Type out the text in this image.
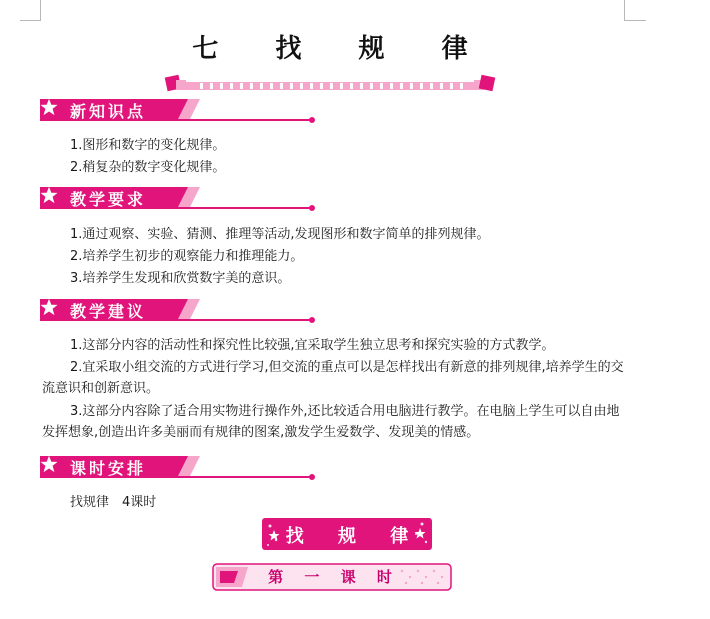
七 找 规 律
新知识点
1.图形和数字的变化规律。
2.稍复杂的数字变化规律。
教学要求
1.通过观察、实验、猜测、推理等活动,发现图形和数字简单的排列规律。
2.培养学生初步的观察能力和推理能力。
3.培养学生发现和欣赏数字美的意识。
教学建议
1.这部分内容的活动性和探究性比较强,宜采取学生独立思考和探究实验的方式教学。
2.宜采取小组交流的方式进行学习,但交流的重点可以是怎样找出有新意的排列规律,培养学生的交流意识和创新意识。
3.这部分内容除了适合用实物进行操作外,还比较适合用电脑进行教学。在电脑上学生可以自由地发挥想象,创造出许多美丽而有规律的图案,激发学生爱数学、发现美的情感。
课时安排
找规律　4课时
找 规 律
第 一 课 时
